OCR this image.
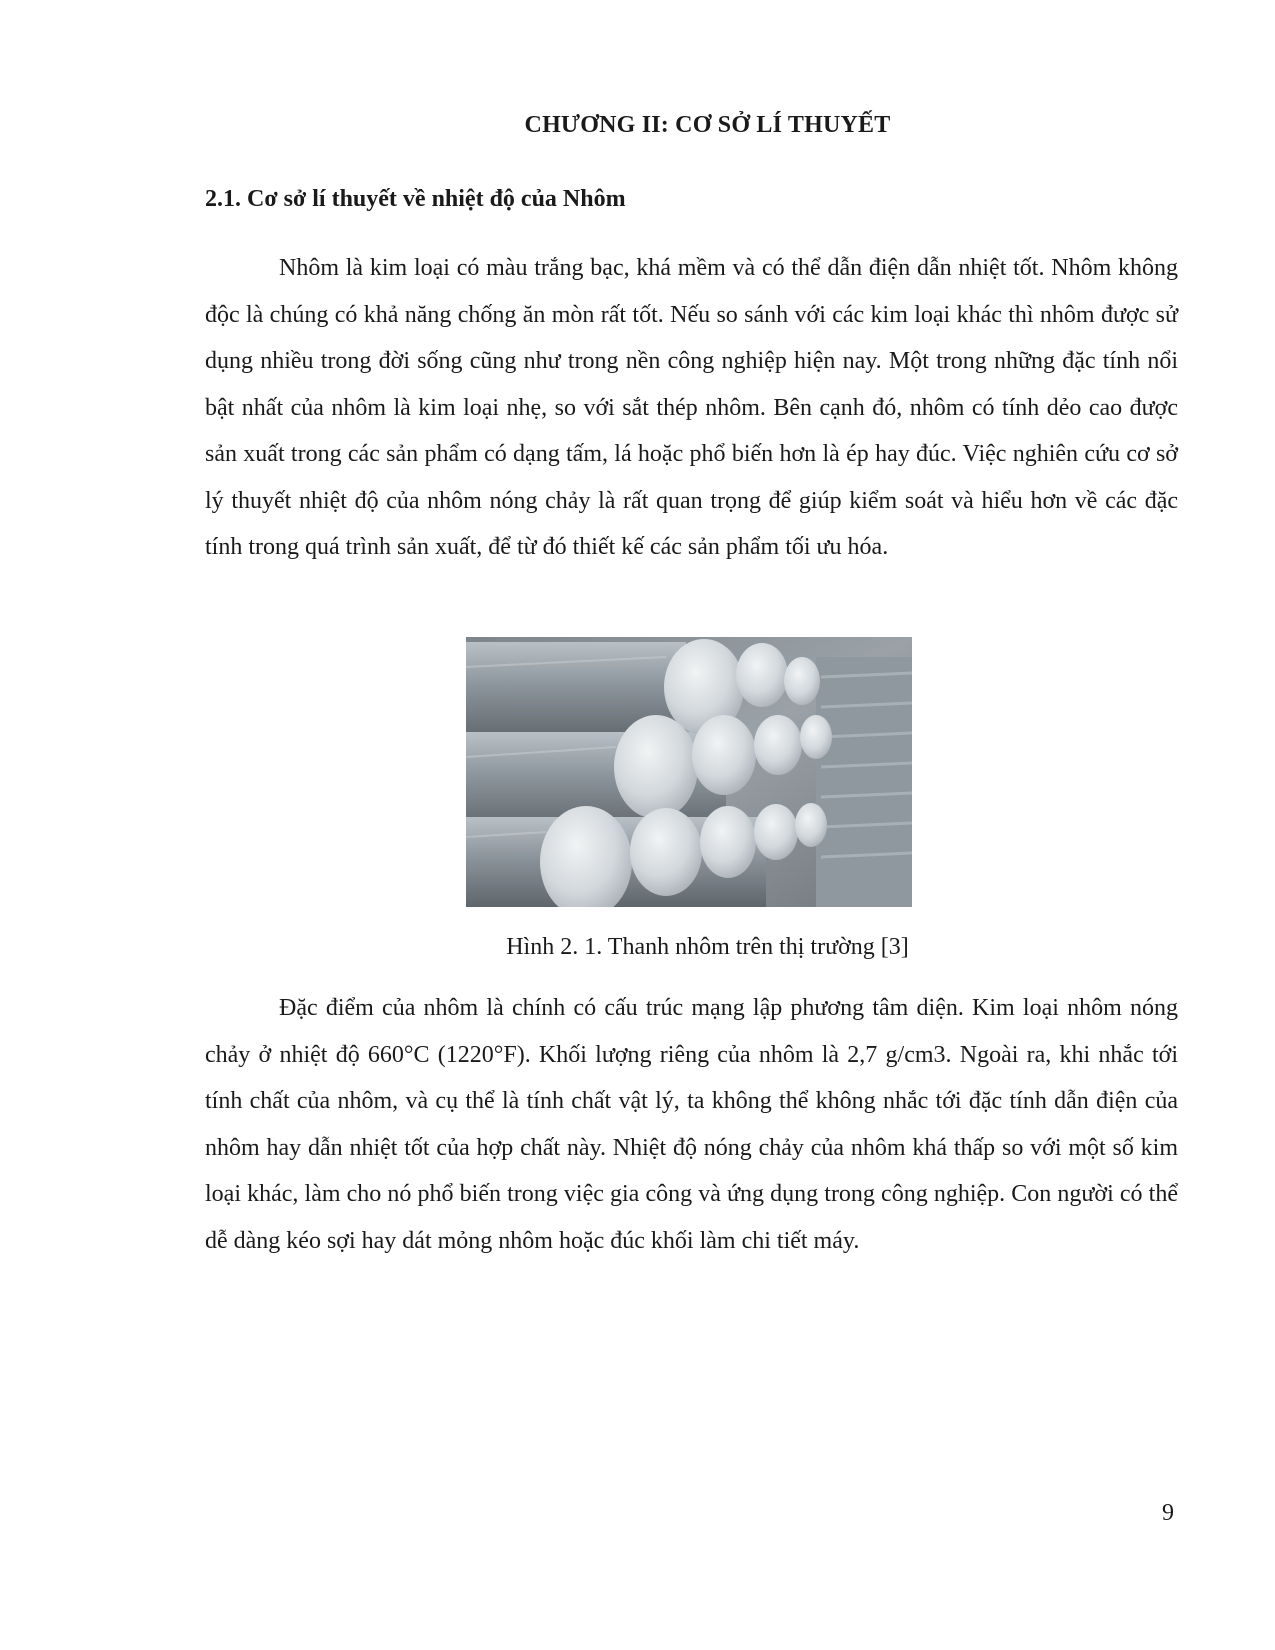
CHƯƠNG II: CƠ SỞ LÍ THUYẾT
2.1. Cơ sở lí thuyết về nhiệt độ của Nhôm

Nhôm là kim loại có màu trắng bạc, khá mềm và có thể dẫn điện dẫn nhiệt tốt. Nhôm không độc là chúng có khả năng chống ăn mòn rất tốt. Nếu so sánh với các kim loại khác thì nhôm được sử dụng nhiều trong đời sống cũng như trong nền công nghiệp hiện nay. Một trong những đặc tính nổi bật nhất của nhôm là kim loại nhẹ, so với sắt thép nhôm. Bên cạnh đó, nhôm có tính dẻo cao được sản xuất trong các sản phẩm có dạng tấm, lá hoặc phổ biến hơn là ép hay đúc. Việc nghiên cứu cơ sở lý thuyết nhiệt độ của nhôm nóng chảy là rất quan trọng để giúp kiểm soát và hiểu hơn về các đặc tính trong quá trình sản xuất, để từ đó thiết kế các sản phẩm tối ưu hóa.

Hình 2. 1. Thanh nhôm trên thị trường [3]

Đặc điểm của nhôm là chính có cấu trúc mạng lập phương tâm diện. Kim loại nhôm nóng chảy ở nhiệt độ 660°C (1220°F). Khối lượng riêng của nhôm là 2,7 g/cm3. Ngoài ra, khi nhắc tới tính chất của nhôm, và cụ thể là tính chất vật lý, ta không thể không nhắc tới đặc tính dẫn điện của nhôm hay dẫn nhiệt tốt của hợp chất này. Nhiệt độ nóng chảy của nhôm khá thấp so với một số kim loại khác, làm cho nó phổ biến trong việc gia công và ứng dụng trong công nghiệp. Con người có thể dễ dàng kéo sợi hay dát mỏng nhôm hoặc đúc khối làm chi tiết máy.

9
